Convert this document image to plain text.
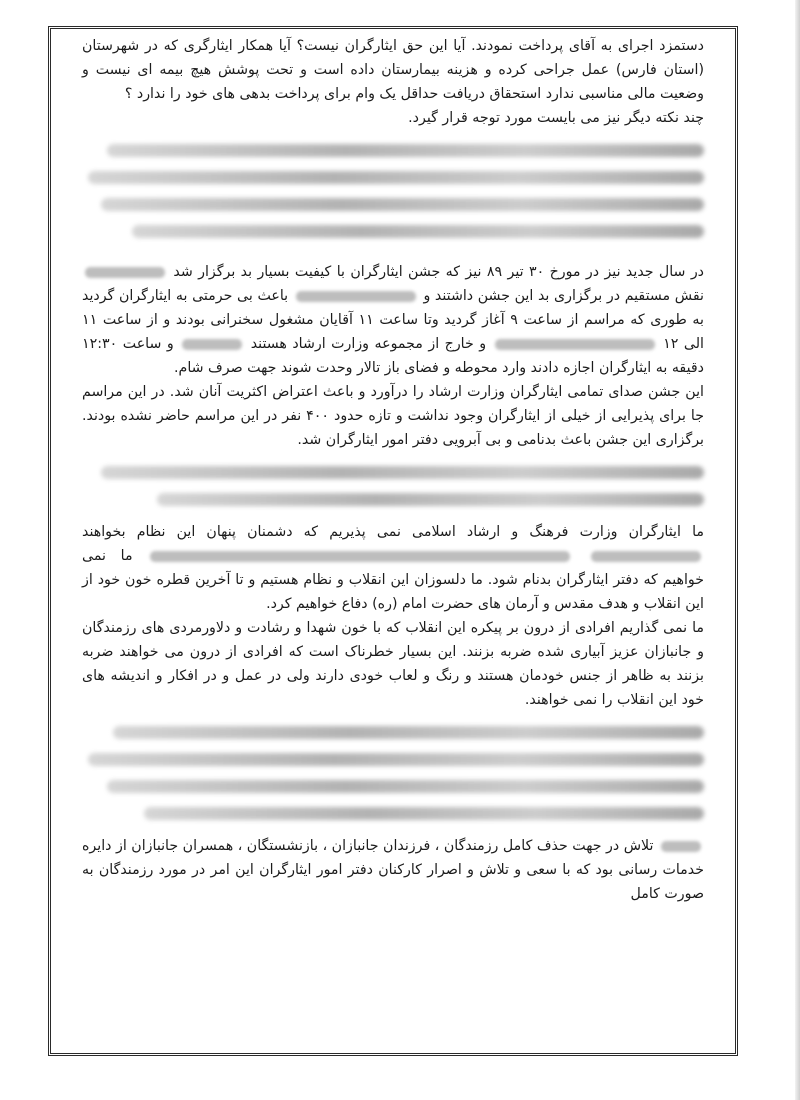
دستمزد اجرای به آقای پرداخت نمودند. آیا این حق ایثارگران نیست؟ آیا همکار ایثارگری که در شهرستان (استان فارس) عمل جراحی کرده و هزینه بیمارستان داده است و تحت پوشش هیچ بیمه ای نیست و وضعیت مالی مناسبی ندارد استحقاق دریافت حداقل یک وام برای پرداخت بدهی های خود را ندارد ؟

چند نکته دیگر نیز می بایست مورد توجه قرار گیرد.

در سال جدید نیز در مورخ ۳۰ تیر ۸۹ نیز که جشن ایثارگران با کیفیت بسیار بد برگزار شد  نقش مستقیم در برگزاری بد این جشن داشتند و  باعث بی حرمتی به ایثارگران گردید به طوری که مراسم از ساعت ۹ آغاز گردید وتا ساعت ۱۱ آقایان مشغول سخنرانی بودند و از ساعت ۱۱ الی ۱۲  و خارج از مجموعه وزارت ارشاد هستند  و ساعت ۱۲:۳۰ دقیقه به ایثارگران اجازه دادند وارد محوطه و فضای باز تالار وحدت شوند جهت صرف شام.

این جشن صدای تمامی ایثارگران وزارت ارشاد را درآورد و باعث اعتراض اکثریت آنان شد. در این مراسم جا برای پذیرایی از خیلی از ایثارگران وجود نداشت و تازه حدود ۴۰۰ نفر در این مراسم حاضر نشده بودند. برگزاری این جشن باعث بدنامی و بی آبرویی دفتر امور ایثارگران شد.

ما ایثارگران وزارت فرهنگ و ارشاد اسلامی نمی پذیریم که دشمنان پنهان این نظام بخواهند   ما نمی خواهیم که دفتر ایثارگران بدنام شود. ما دلسوزان این انقلاب و نظام هستیم و تا آخرین قطره خون خود از این انقلاب و هدف مقدس و آرمان های حضرت امام (ره) دفاع خواهیم کرد.

ما نمی گذاریم افرادی از درون بر پیکره این انقلاب که با خون شهدا و رشادت و دلاورمردی های رزمندگان و جانبازان عزیز آبیاری شده ضربه بزنند. این بسیار خطرناک است که افرادی از درون می خواهند ضربه بزنند به ظاهر از جنس خودمان هستند و رنگ و لعاب خودی دارند ولی در عمل و در افکار و اندیشه های خود این انقلاب را نمی خواهند.

تلاش در جهت حذف کامل رزمندگان ، فرزندان جانبازان ، بازنشستگان ، همسران جانبازان از دایره خدمات رسانی بود که با سعی و تلاش و اصرار کارکنان دفتر امور ایثارگران این امر در مورد رزمندگان به صورت کامل
